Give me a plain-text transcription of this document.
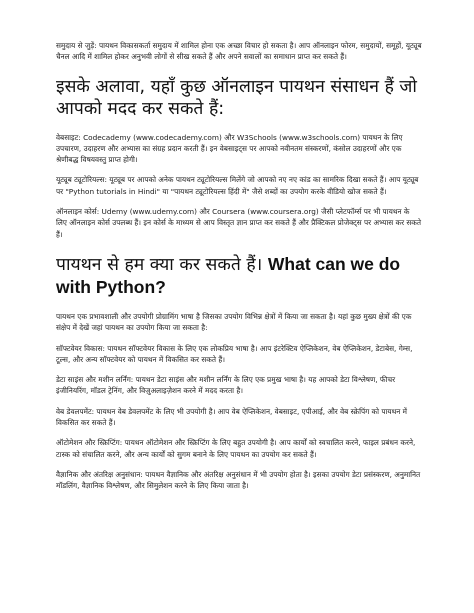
समुदाय से जुड़ें: पायथन विकासकर्ता समुदाय में शामिल होना एक अच्छा विचार हो सकता है। आप ऑनलाइन फोरम, समुदायों, समूहों, यूट्यूब चैनल आदि में शामिल होकर अनुभवी लोगों से सीख सकते हैं और अपने सवालों का समाधान प्राप्त कर सकते हैं।

इसके अलावा, यहाँ कुछ ऑनलाइन पायथन संसाधन हैं जो आपको मदद कर सकते हैं:

वेबसाइट: Codecademy (www.codecademy.com) और W3Schools (www.w3schools.com) पायथन के लिए उपचारण, उदाहरण और अभ्यास का संग्रह प्रदान करती हैं। इन वेबसाइट्स पर आपको नवीनतम संस्करणों, कंसोल उदाहरणों और एक श्रेणीबद्ध विषयवस्तु प्राप्त होगी।

यूट्यूब ट्यूटोरियल्स: यूट्यूब पर आपको अनेक पायथन ट्यूटोरियल्स मिलेंगे जो आपको नए नए कांड का सामरिक दिखा सकते हैं। आप यूट्यूब पर "Python tutorials in Hindi" या "पायथन ट्यूटोरियल्स हिंदी में" जैसे शब्दों का उपयोग करके वीडियो खोज सकते हैं।

ऑनलाइन कोर्स: Udemy (www.udemy.com) और Coursera (www.coursera.org) जैसी प्लेटफॉर्म्स पर भी पायथन के लिए ऑनलाइन कोर्स उपलब्ध हैं। इन कोर्स के माध्यम से आप विस्तृत ज्ञान प्राप्त कर सकते हैं और प्रैक्टिकल प्रोजेक्ट्स पर अभ्यास कर सकते हैं।

पायथन से हम क्या कर सकते हैं। What can we do with Python?

पायथन एक प्रभावशाली और उपयोगी प्रोग्रामिंग भाषा है जिसका उपयोग विभिन्न क्षेत्रों में किया जा सकता है। यहां कुछ मुख्य क्षेत्रों की एक संक्षेप में देखें जहां पायथन का उपयोग किया जा सकता है:

सॉफ्टवेयर विकास: पायथन सॉफ्टवेयर विकास के लिए एक लोकप्रिय भाषा है। आप इंटरेक्टिव ऐप्लिकेशन, वेब ऐप्लिकेशन, डेटाबेस, गेम्स, टूल्स, और अन्य सॉफ्टवेयर को पायथन में विकसित कर सकते हैं।

डेटा साइंस और मशीन लर्निंग: पायथन डेटा साइंस और मशीन लर्निंग के लिए एक प्रमुख भाषा है। यह आपको डेटा विश्लेषण, फीचर इंजीनियरिंग, मॉडल ट्रेनिंग, और विज़ुअलाइज़ेशन करने में मदद करता है।

वेब डेवलपमेंट: पायथन वेब डेवलपमेंट के लिए भी उपयोगी है। आप वेब ऐप्लिकेशन, वेबसाइट, एपीआई, और वेब स्क्रेपिंग को पायथन में विकसित कर सकते हैं।

ऑटोमेशन और स्क्रिप्टिंग: पायथन ऑटोमेशन और स्क्रिप्टिंग के लिए बहुत उपयोगी है। आप कार्यों को स्वचालित करने, फाइल प्रबंधन करने, टास्क को संचालित करने, और अन्य कार्यों को सुगम बनाने के लिए पायथन का उपयोग कर सकते हैं।

वैज्ञानिक और अंतरिक्ष अनुसंधान: पायथन वैज्ञानिक और अंतरिक्ष अनुसंधान में भी उपयोग होता है। इसका उपयोग डेटा प्रसंस्करण, अनुमानित मॉडलिंग, वैज्ञानिक विश्लेषण, और सिमुलेशन करने के लिए किया जाता है।
